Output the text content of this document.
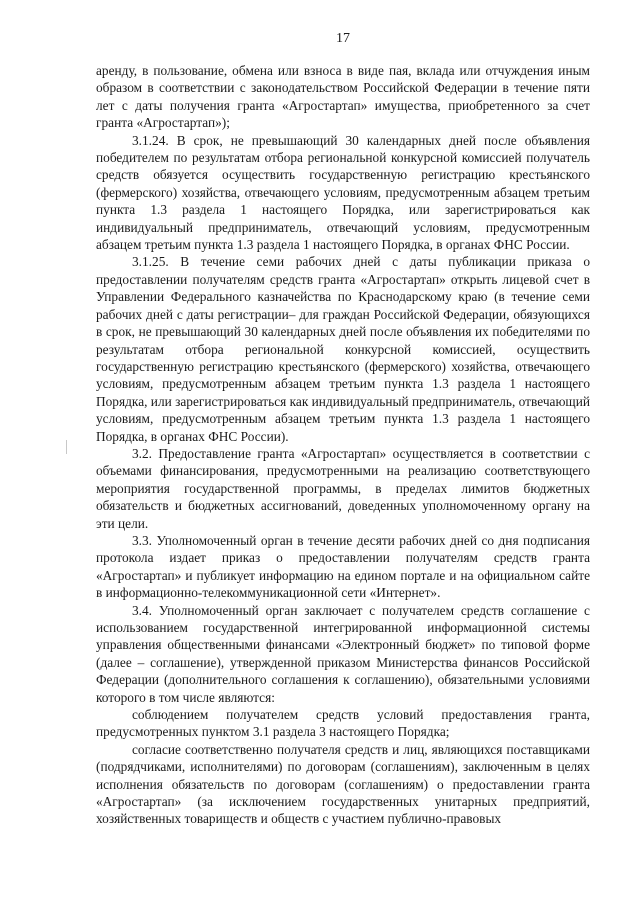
17

аренду, в пользование, обмена или взноса в виде пая, вклада или отчуждения иным образом в соответствии с законодательством Российской Федерации в течение пяти лет с даты получения гранта «Агростартап» имущества, приобретенного за счет гранта «Агростартап»);

3.1.24. В срок, не превышающий 30 календарных дней после объявления победителем по результатам отбора региональной конкурсной комиссией получатель средств обязуется осуществить государственную регистрацию крестьянского (фермерского) хозяйства, отвечающего условиям, предусмотренным абзацем третьим пункта 1.3 раздела 1 настоящего Порядка, или зарегистрироваться как индивидуальный предприниматель, отвечающий условиям, предусмотренным абзацем третьим пункта 1.3 раздела 1 настоящего Порядка, в органах ФНС России.

3.1.25. В течение семи рабочих дней с даты публикации приказа о предоставлении получателям средств гранта «Агростартап» открыть лицевой счет в Управлении Федерального казначейства по Краснодарскому краю (в течение семи рабочих дней с даты регистрации– для граждан Российской Федерации, обязующихся в срок, не превышающий 30 календарных дней после объявления их победителями по результатам отбора региональной конкурсной комиссией, осуществить государственную регистрацию крестьянского (фермерского) хозяйства, отвечающего условиям, предусмотренным абзацем третьим пункта 1.3 раздела 1 настоящего Порядка, или зарегистрироваться как индивидуальный предприниматель, отвечающий условиям, предусмотренным абзацем третьим пункта 1.3 раздела 1 настоящего Порядка, в органах ФНС России).

3.2. Предоставление гранта «Агростартап» осуществляется в соответствии с объемами финансирования, предусмотренными на реализацию соответствующего мероприятия государственной программы, в пределах лимитов бюджетных обязательств и бюджетных ассигнований, доведенных уполномоченному органу на эти цели.

3.3. Уполномоченный орган в течение десяти рабочих дней со дня подписания протокола издает приказ о предоставлении получателям средств гранта «Агростартап» и публикует информацию на едином портале и на официальном сайте в информационно-телекоммуникационной сети «Интернет».

3.4. Уполномоченный орган заключает с получателем средств соглашение с использованием государственной интегрированной информационной системы управления общественными финансами «Электронный бюджет» по типовой форме (далее – соглашение), утвержденной приказом Министерства финансов Российской Федерации (дополнительного соглашения к соглашению), обязательными условиями которого в том числе являются:

соблюдением получателем средств условий предоставления гранта, предусмотренных пунктом 3.1 раздела 3 настоящего Порядка;

согласие соответственно получателя средств и лиц, являющихся поставщиками (подрядчиками, исполнителями) по договорам (соглашениям), заключенным в целях исполнения обязательств по договорам (соглашениям) о предоставлении гранта «Агростартап» (за исключением государственных унитарных предприятий, хозяйственных товариществ и обществ с участием публично-правовых
